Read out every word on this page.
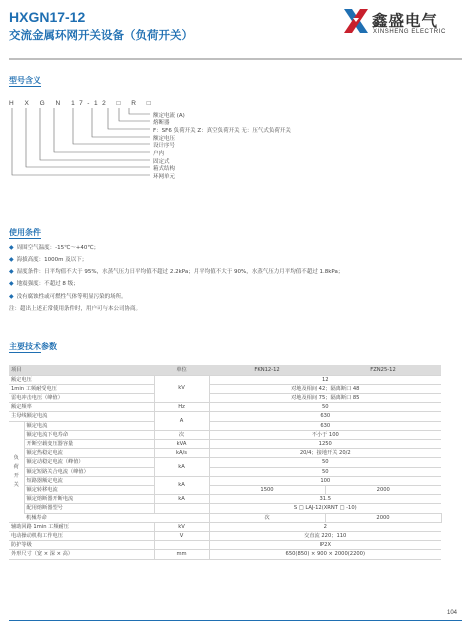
HXGN17-12
交流金属环网开关设备（负荷开关）
鑫盛电气
XINSHENG ELECTRIC
型号含义
H X G N 17-12 □ R □
额定电流 (A)
熔断器
F：SF6 负荷开关 Z：真空负荷开关 无：压气式负荷开关
额定电压
设计序号
户内
固定式
箱式结构
环网单元
使用条件
◆ 周围空气温度：-15℃～+40℃；
◆ 海拔高度：1000m 及以下；
◆ 湿度条件：日平均值不大于 95%，水蒸气压力日平均值不超过 2.2kPa；月平均值不大于 90%，水蒸气压力月平均值不超过 1.8kPa；
◆ 地震强度：不超过 8 级；
◆ 没有腐蚀性或可燃性气体等明显污染的场所。
注：超出上述正常使用条件时，用户可与本公司协商。
主要技术参数
项目		单位	FKN12-12	FZN25-12	
额定电压		kV	12		
1min 工频耐受电压			对地及相间 42；隔离断口 48		
雷电冲击电压（峰值）			对地及相间 75；隔离断口 85		
额定频率		Hz	50		
主母线额定电流		A	630		
负
荷
开
关	额定电流		630		
	额定电流下电寿命	次	不小于 100		
	开断空载变压器容量	kVA	1250		
	额定热稳定电流	kA/s	20/4；接地开关 20/2		
	额定动稳定电流（峰值）	kA	50		
	额定短路关合电流（峰值）		50		
	短路器额定电流	kA	100		
	额定转移电流		1500	2000	
	额定熔断器开断电流	kA	31.5		
	配用熔断器型号		S □ LAJ-12(XRNT □ -10)		
	机械寿命		次	2000	
辅助回路 1min 工频耐压		kV	2		
电动操动机构工作电压		V	交直流 220；110		
防护等级			IP2X		
外形尺寸（宽 × 深 × 高）		mm	650(850) × 900 × 2000(2200)		
104
